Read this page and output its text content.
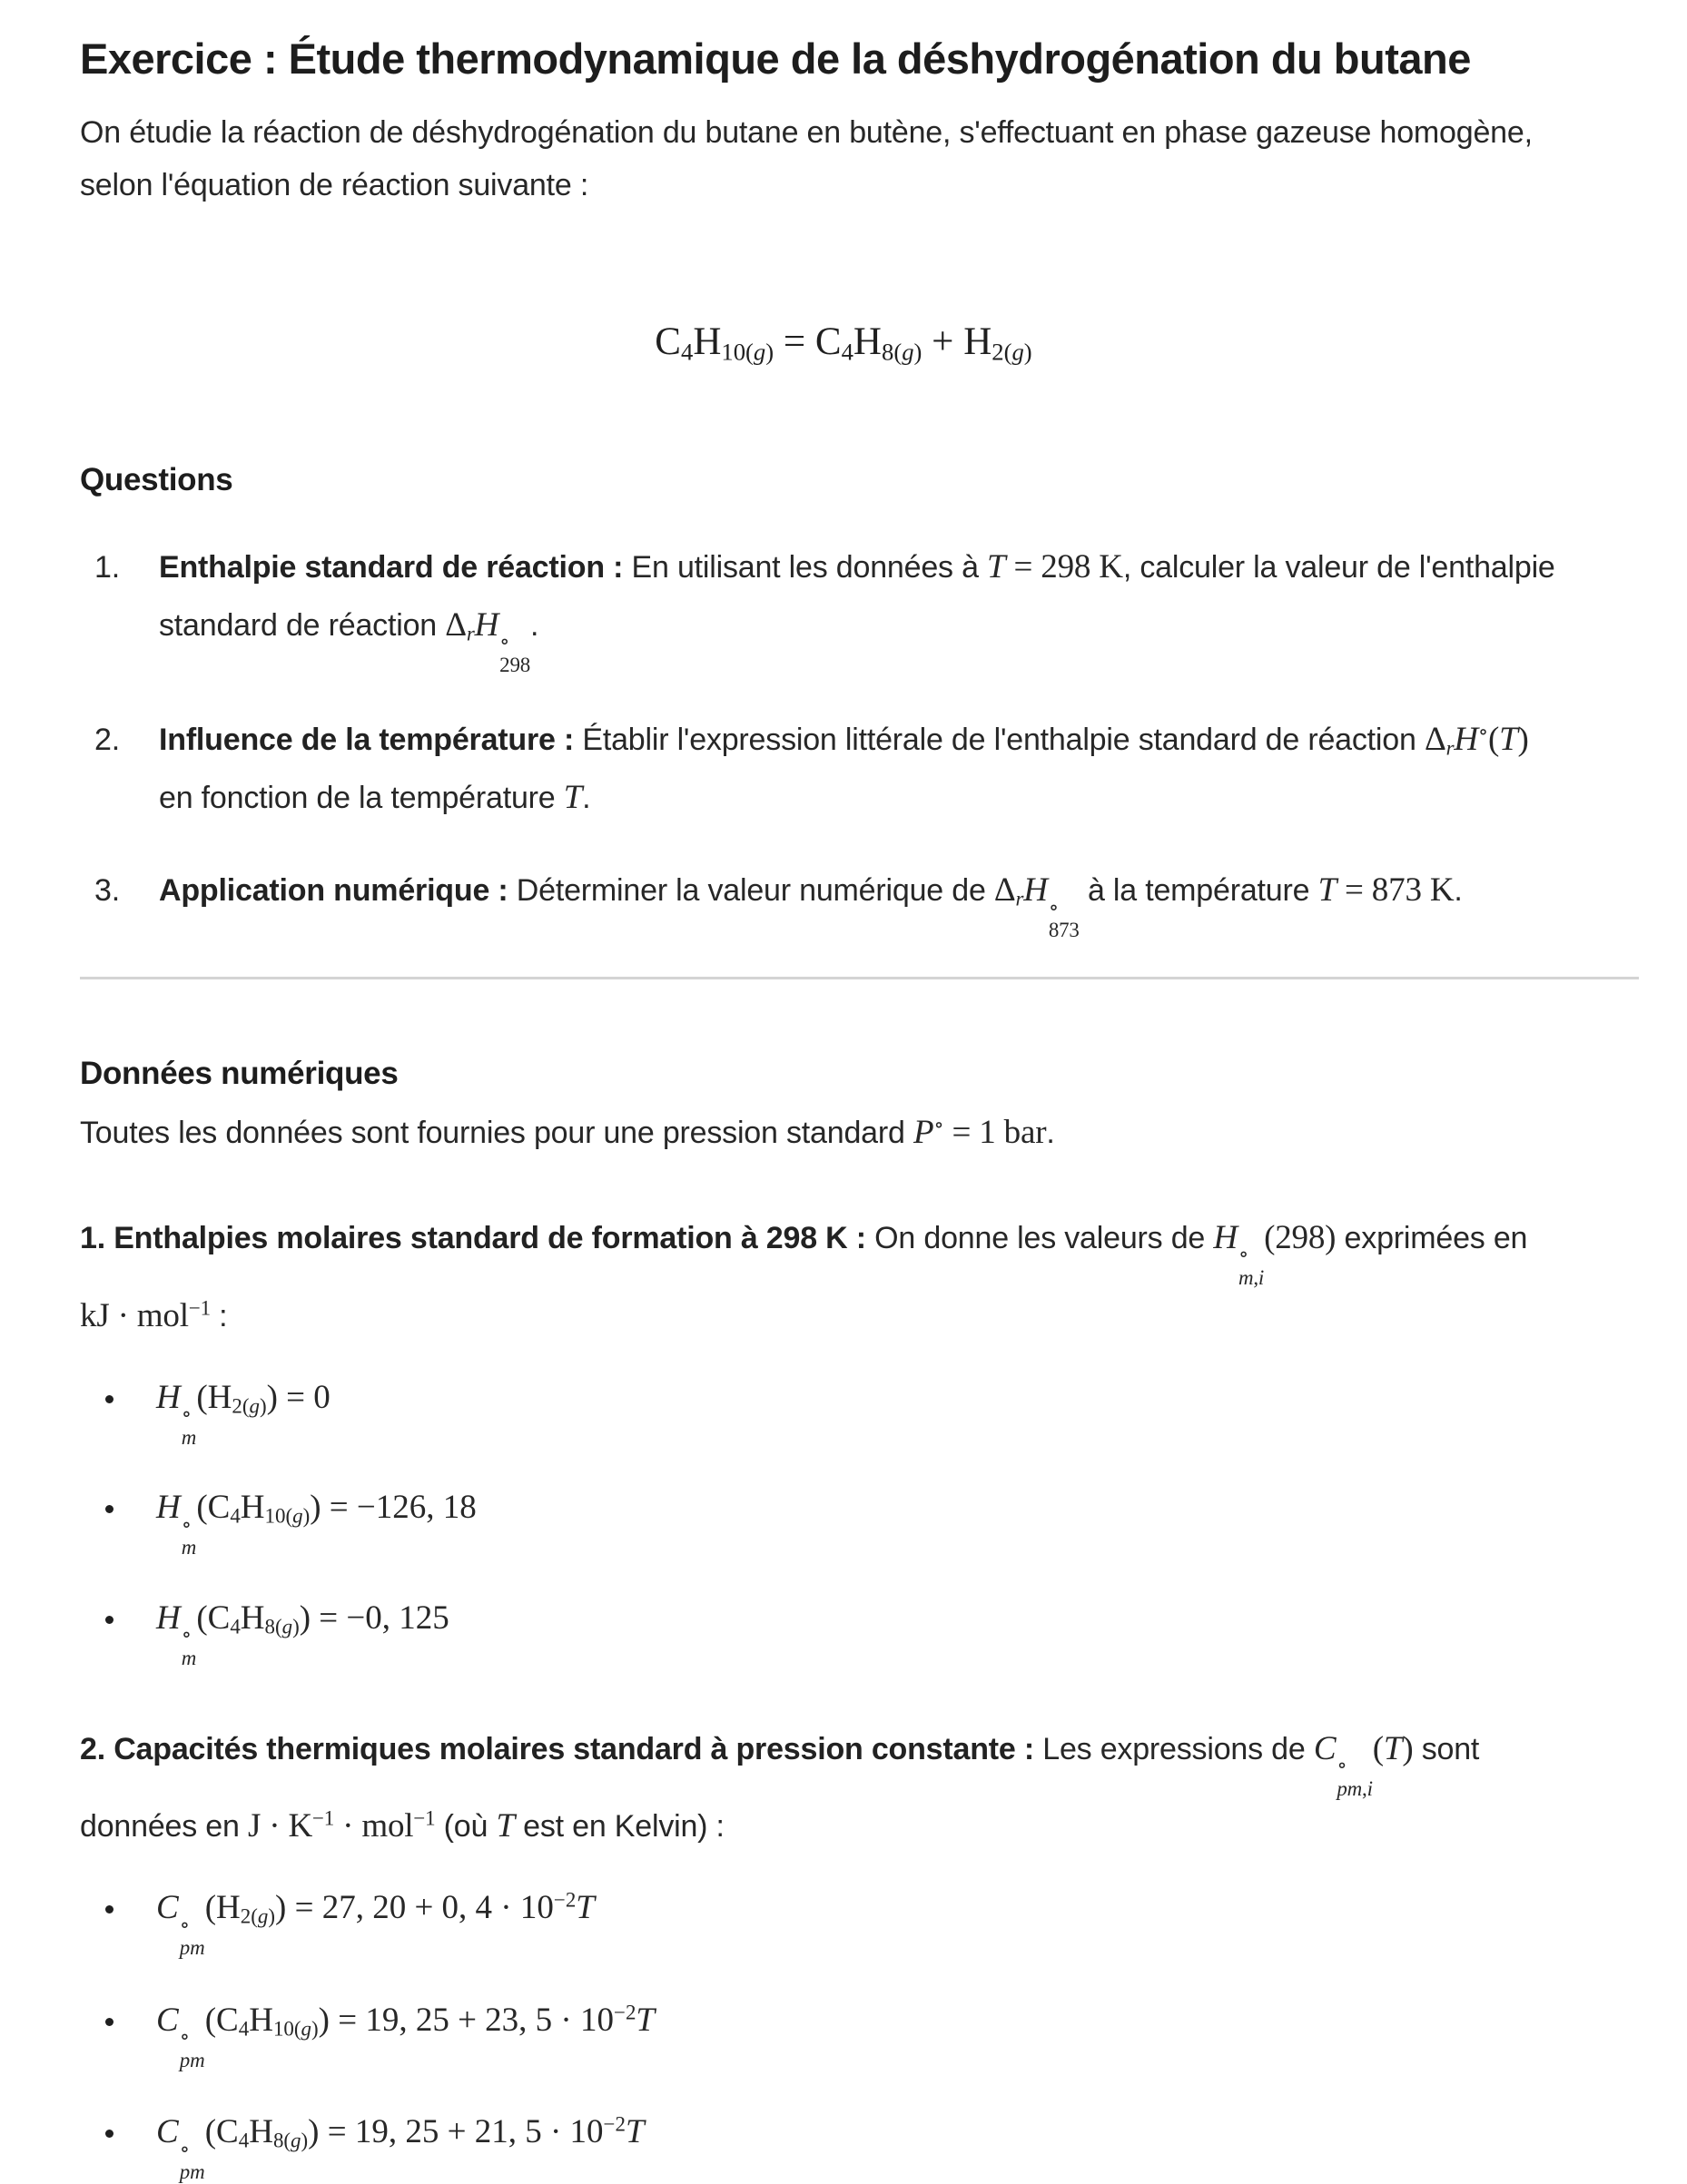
Exercice : Étude thermodynamique de la déshydrogénation du butane

On étudie la réaction de déshydrogénation du butane en butène, s'effectuant en phase gazeuse homogène, selon l'équation de réaction suivante :

$C_4H_{10(g)} = C_4H_{8(g)} + H_{2(g)}$
Questions
1.	Enthalpie standard de réaction : En utilisant les données à T = 298 K, calculer la valeur de l'enthalpie standard de réaction $\Delta_rH$ ∘
298
.
2.	Influence de la température : Établir l'expression littérale de l'enthalpie standard de réaction $\Delta_rH^\circ(T)$ en fonction de la température T.
3.	Application numérique : Déterminer la valeur numérique de $\Delta_rH$ ∘
873
à la température T = 873 K.
Données numériques

Toutes les données sont fournies pour une pression standard P∘ = 1 bar.

1. Enthalpies molaires standard de formation à 298 K : On donne les valeurs de H ∘
m,i
(298) exprimées en kJ · mol$^{-1}$ :

H ∘
m
$(H_{2(g)}) = 0$
H ∘
m
$(C_4H_{10(g)}) = -126$, 18
H ∘
m
$(C_4H_{8(g)}) = -0$, 125

2. Capacités thermiques molaires standard à pression constante : Les expressions de C ∘
pm,i
(T) sont données en $J \cdot K^{-1} \cdot mol^{-1}$ (où T est en Kelvin) :

C ∘
pm
$(H_{2(g)}) = 27$, 20 + 0, $4 \cdot 10^{-2}T$
C ∘
pm
$(C_4H_{10(g)}) = 19$, 25 + 23, $5 \cdot 10^{-2}T$
C ∘
pm
$(C_4H_{8(g)}) = 19$, 25 + 21, $5 \cdot 10^{-2}T$
